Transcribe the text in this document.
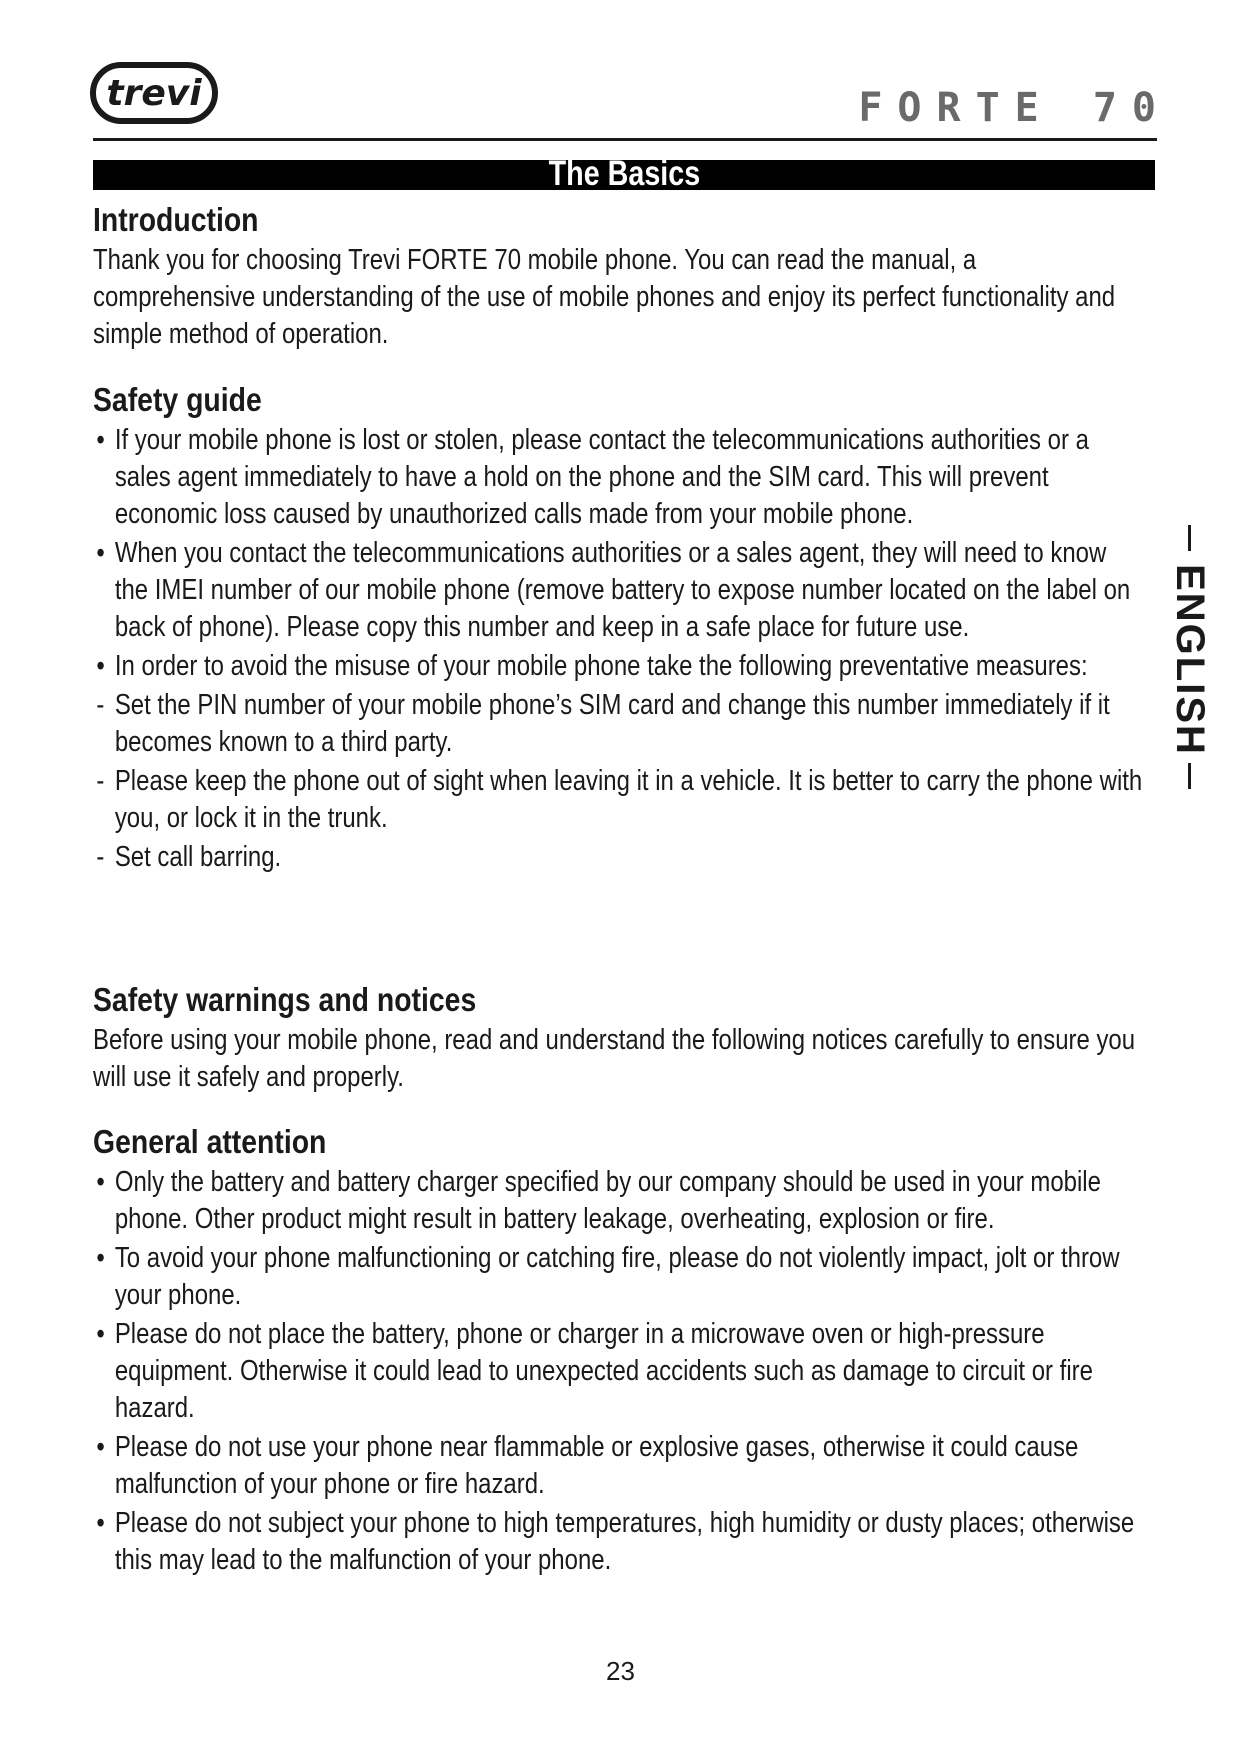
trevi	FORTE 70
The Basics
Introduction

Thank you for choosing Trevi FORTE 70 mobile phone. You can read the manual, a comprehensive understanding of the use of mobile phones and enjoy its perfect functionality and simple method of operation.

Safety guide
• If your mobile phone is lost or stolen, please contact the telecommunications authorities or a sales agent immediately to have a hold on the phone and the SIM card. This will prevent economic loss caused by unauthorized calls made from your mobile phone.
• When you contact the telecommunications authorities or a sales agent, they will need to know the IMEI number of our mobile phone (remove battery to expose number located on the label on back of phone). Please copy this number and keep in a safe place for future use.
• In order to avoid the misuse of your mobile phone take the following preventative measures:
- Set the PIN number of your mobile phone’s SIM card and change this number immediately if it becomes known to a third party.
- Please keep the phone out of sight when leaving it in a vehicle. It is better to carry the phone with you, or lock it in the trunk.
- Set call barring.
Safety warnings and notices

Before using your mobile phone, read and understand the following notices carefully to ensure you will use it safely and properly.

General attention
• Only the battery and battery charger specified by our company should be used in your mobile phone. Other product might result in battery leakage, overheating, explosion or fire.
• To avoid your phone malfunctioning or catching fire, please do not violently impact, jolt or throw your phone.
• Please do not place the battery, phone or charger in a microwave oven or high-pressure equipment. Otherwise it could lead to unexpected accidents such as damage to circuit or fire hazard.
• Please do not use your phone near flammable or explosive gases, otherwise it could cause malfunction of your phone or fire hazard.
• Please do not subject your phone to high temperatures, high humidity or dusty places; otherwise this may lead to the malfunction of your phone.
ENGLISH
23
